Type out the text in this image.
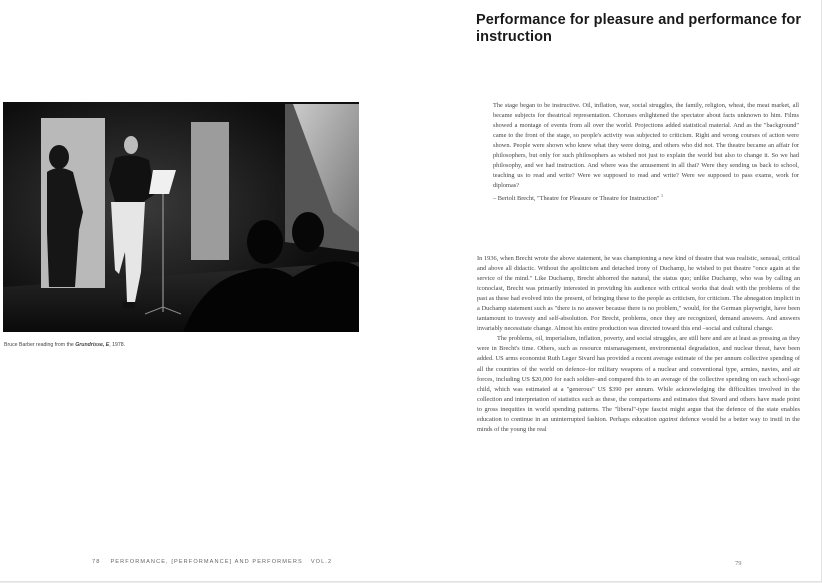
Bruce Barber reading from the Grundrisse, E, 1978.
78 PERFORMANCE, [PERFORMANCE] AND PERFORMERS   VOL.2
Performance for pleasure and performance for instruction
The stage began to be instructive. Oil, inflation, war, social struggles, the family, religion, wheat, the meat market, all became subjects for theatrical representation. Choruses enlightened the spectator about facts unknown to him. Films showed a montage of events from all over the world. Projections added statistical material. And as the "background" came to the front of the stage, so people's activity was subjected to criticism. Right and wrong courses of action were shown. People were shown who knew what they were doing, and others who did not. The theatre became an affair for philosophers, but only for such philosophers as wished not just to explain the world but also to change it. So we had philosophy, and we had instruction. And where was the amusement in all that? Were they sending us back to school, teaching us to read and write? Were we supposed to read and write? Were we supposed to pass exams, work for diplomas?
– Bertolt Brecht, "Theatre for Pleasure or Theatre for Instruction" $^1$

In 1936, when Brecht wrote the above statement, he was championing a new kind of theatre that was realistic, sensual, critical and above all didactic. Without the apoliticism and detached irony of Duchamp, he wished to put theatre "once again at the service of the mind." Like Duchamp, Brecht abhorred the natural, the status quo; unlike Duchamp, who was by calling an iconoclast, Brecht was primarily interested in providing his audience with critical works that dealt with the problems of the past as these had evolved into the present, of bringing these to the people as criticism, for criticism. The abnegation implicit in a Duchamp statement such as "there is no answer because there is no problem," would, for the German playwright, have been tantamount to travesty and self-absolution. For Brecht, problems, once they are recognized, demand answers. And answers invariably necessitate change. Almost his entire production was directed toward this end –social and cultural change.

The problems, oil, imperialism, inflation, poverty, and social struggles, are still here and are at least as pressing as they were in Brecht's time. Others, such as resource mismanagement, environmental degradation, and nuclear threat, have been added. US arms economist Ruth Leger Sivard has provided a recent average estimate of the per annum collective spending of all the countries of the world on defence–for military weapons of a nuclear and conventional type, armies, navies, and air forces, including US $20,000 for each soldier–and compared this to an average of the collective spending on each school-age child, which was estimated at a "generous" US $390 per annum. While acknowledging the difficulties involved in the collection and interpretation of statistics such as these, the comparisons and estimates that Sivard and others have made point to gross inequities in world spending patterns. The "liberal"-type fascist might argue that the defence of the state enables education to continue in an uninterrupted fashion. Perhaps education against defence would be a better way to instil in the minds of the young the real

79
